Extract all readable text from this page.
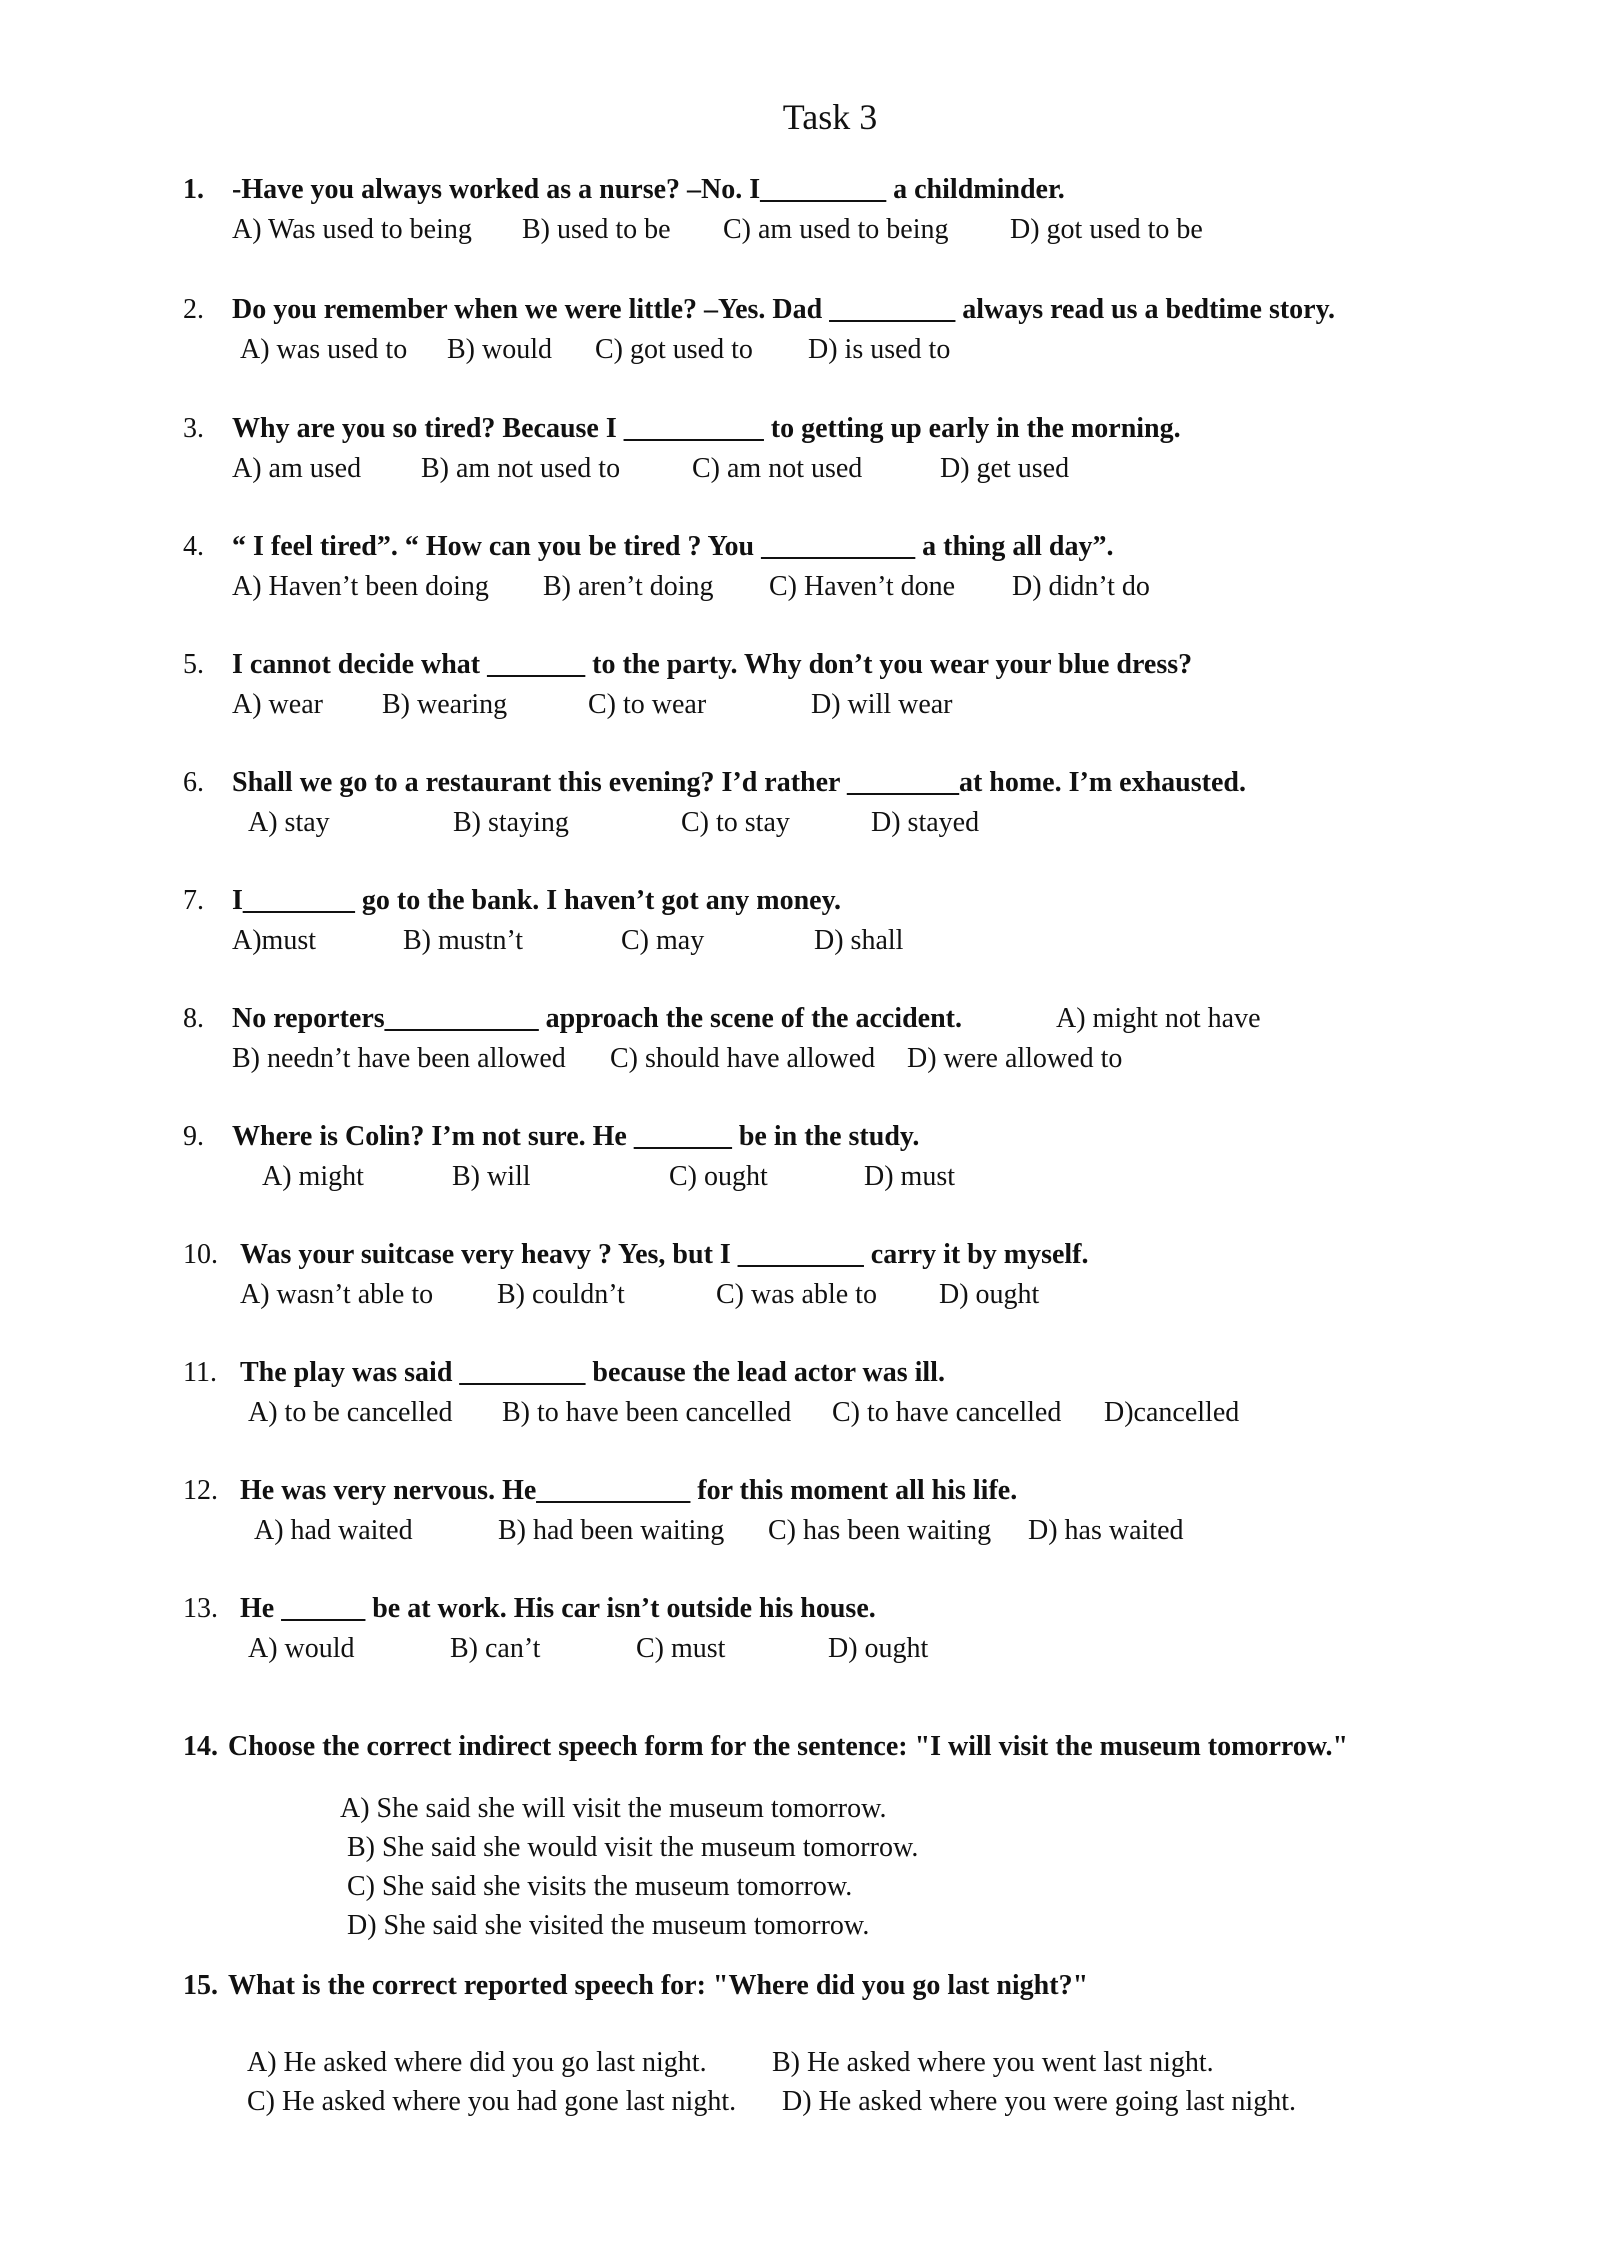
Task 3
1. -Have you always worked as a nurse? –No. I_________ a childminder.
A) Was used to being B) used to be C) am used to being D) got used to be
2. Do you remember when we were little? –Yes. Dad _________ always read us a bedtime story.
A) was used to B) would C) got used to D) is used to
3. Why are you so tired? Because I __________ to getting up early in the morning.
A) am used B) am not used to	C) am not used	D) get used
4. “ I feel tired”. “ How can you be tired ? You ___________ a thing all day”.
A) Haven’t been doing B) aren’t doing C) Haven’t done D) didn’t do
5. I cannot decide what _______ to the party. Why don’t you wear your blue dress?
A) wear B) wearing	C) to wear	D) will wear
6. Shall we go to a restaurant this evening? I’d rather ________at home. I’m exhausted.
A) stay	B) staying	C) to stay	D) stayed
7. I________ go to the bank. I haven’t got any money.
A)must	B) mustn’t	C) may	D) shall
8. No reporters___________ approach the scene of the accident.	A) might not have
B) needn’t have been allowed C) should have allowed D) were allowed to
9. Where is Colin? I’m not sure. He _______ be in the study.
A) might	B) will	C) ought	D) must
10. Was your suitcase very heavy ? Yes, but I _________ carry it by myself.
A) wasn’t able to B) couldn’t	C) was able to D) ought
11. The play was said _________ because the lead actor was ill.
A) to be cancelled B) to have been cancelled C) to have cancelled D)cancelled
12. He was very nervous. He___________ for this moment all his life.
A) had waited	B) had been waiting C) has been waiting D) has waited
13. He ______ be at work. His car isn’t outside his house.
A) would	B) can’t	C) must	D) ought
14. Choose the correct indirect speech form for the sentence: "I will visit the museum tomorrow."
A) She said she will visit the museum tomorrow.
B) She said she would visit the museum tomorrow.
C) She said she visits the museum tomorrow.
D) She said she visited the museum tomorrow.
15. What is the correct reported speech for: "Where did you go last night?"
A) He asked where did you go last night. B) He asked where you went last night.
C) He asked where you had gone last night. D) He asked where you were going last night.
